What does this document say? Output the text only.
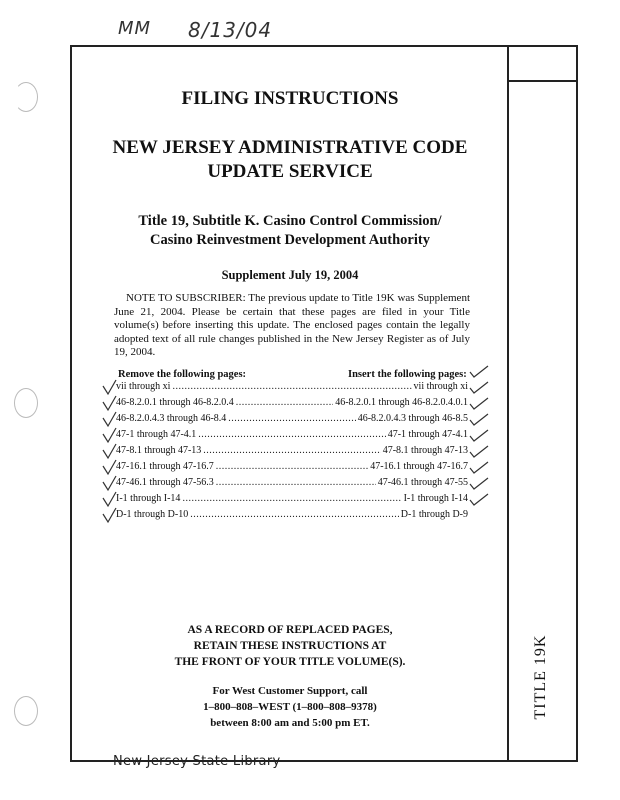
MM 8/13/04
FILING INSTRUCTIONS
NEW JERSEY ADMINISTRATIVE CODE
UPDATE SERVICE
Title 19, Subtitle K. Casino Control Commission/
Casino Reinvestment Development Authority
Supplement July 19, 2004
NOTE TO SUBSCRIBER: The previous update to Title 19K was Supplement June 21, 2004. Please be certain that these pages are filed in your Title volume(s) before inserting this update. The enclosed pages contain the legally adopted text of all rule changes published in the New Jersey Register as of July 19, 2004.
Remove the following pages:	Insert the following pages:
vii through xi .....	vii through xi
46-8.2.0.1 through 46-8.2.0.4 .....	46-8.2.0.1 through 46-8.2.0.4.0.1
46-8.2.0.4.3 through 46-8.4 .....	46-8.2.0.4.3 through 46-8.5
47-1 through 47-4.1 .....	47-1 through 47-4.1
47-8.1 through 47-13 .....	47-8.1 through 47-13
47-16.1 through 47-16.7 .....	47-16.1 through 47-16.7
47-46.1 through 47-56.3 .....	47-46.1 through 47-55
I-1 through I-14 .....	I-1 through I-14
D-1 through D-10 .....	D-1 through D-9
AS A RECORD OF REPLACED PAGES,
RETAIN THESE INSTRUCTIONS AT
THE FRONT OF YOUR TITLE VOLUME(S).
For West Customer Support, call
1–800–808–WEST (1–800–808–9378)
between 8:00 am and 5:00 pm ET.
TITLE 19K
New Jersey State Library
